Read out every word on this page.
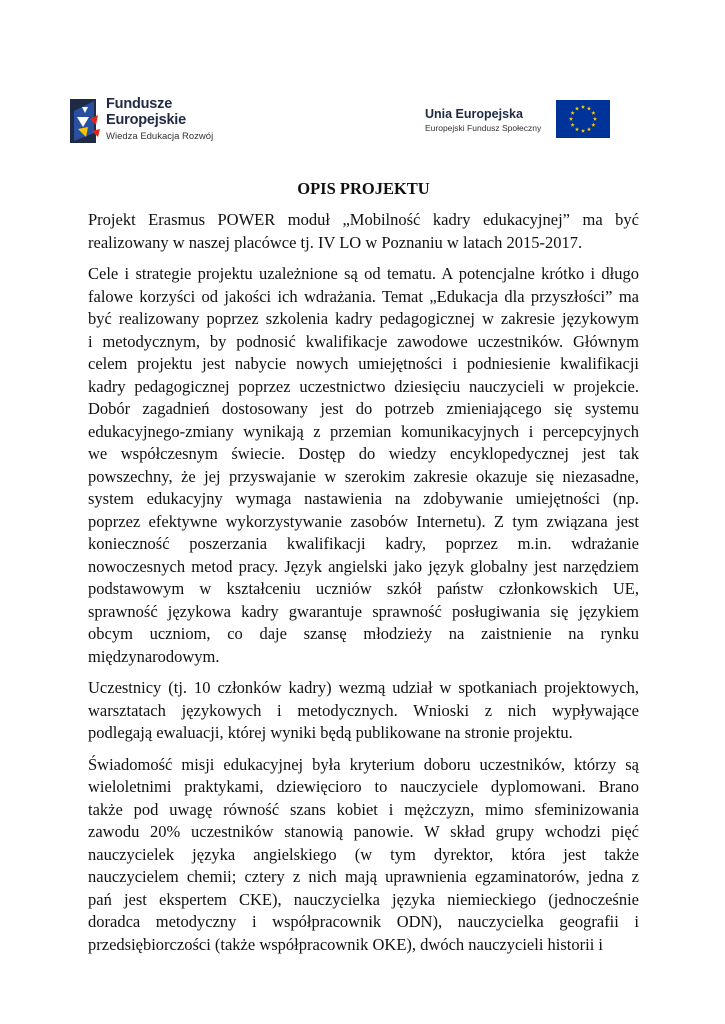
Fundusze
Europejskie
Wiedza Edukacja Rozwój
Unia Europejska
Europejski Fundusz Społeczny
OPIS PROJEKTU
Projekt Erasmus POWER moduł „Mobilność kadry edukacyjnej” ma być
realizowany w naszej placówce tj. IV LO w Poznaniu w latach 2015-2017.
Cele i strategie projektu uzależnione są od tematu. A potencjalne krótko i długo
falowe korzyści od jakości ich wdrażania. Temat „Edukacja dla przyszłości” ma
być realizowany poprzez szkolenia kadry pedagogicznej w zakresie językowym
i metodycznym, by podnosić kwalifikacje zawodowe uczestników. Głównym
celem projektu jest nabycie nowych umiejętności i podniesienie kwalifikacji
kadry pedagogicznej poprzez uczestnictwo dziesięciu nauczycieli w projekcie.
Dobór zagadnień dostosowany jest do potrzeb zmieniającego się systemu
edukacyjnego-zmiany wynikają z przemian komunikacyjnych i percepcyjnych
we współczesnym świecie. Dostęp do wiedzy encyklopedycznej jest tak
powszechny, że jej przyswajanie w szerokim zakresie okazuje się niezasadne,
system edukacyjny wymaga nastawienia na zdobywanie umiejętności (np.
poprzez efektywne wykorzystywanie zasobów Internetu). Z tym związana jest
konieczność poszerzania kwalifikacji kadry, poprzez m.in. wdrażanie
nowoczesnych metod pracy. Język angielski jako język globalny jest narzędziem
podstawowym w kształceniu uczniów szkół państw członkowskich UE,
sprawność językowa kadry gwarantuje sprawność posługiwania się językiem
obcym uczniom, co daje szansę młodzieży na zaistnienie na rynku
międzynarodowym.
Uczestnicy (tj. 10 członków kadry) wezmą udział w spotkaniach projektowych,
warsztatach językowych i metodycznych. Wnioski z nich wypływające
podlegają ewaluacji, której wyniki będą publikowane na stronie projektu.
Świadomość misji edukacyjnej była kryterium doboru uczestników, którzy są
wieloletnimi praktykami, dziewięcioro to nauczyciele dyplomowani. Brano
także pod uwagę równość szans kobiet i mężczyzn, mimo sfeminizowania
zawodu 20% uczestników stanowią panowie. W skład grupy wchodzi pięć
nauczycielek języka angielskiego (w tym dyrektor, która jest także
nauczycielem chemii; czterу z nich mają uprawnienia egzaminatorów, jedna z
pań jest ekspertem CKE), nauczycielka języka niemieckiego (jednocześnie
doradca metodyczny i współpracownik ODN), nauczycielka geografii i
przedsiębiorczości (także współpracownik OKE), dwóch nauczycieli historii i
